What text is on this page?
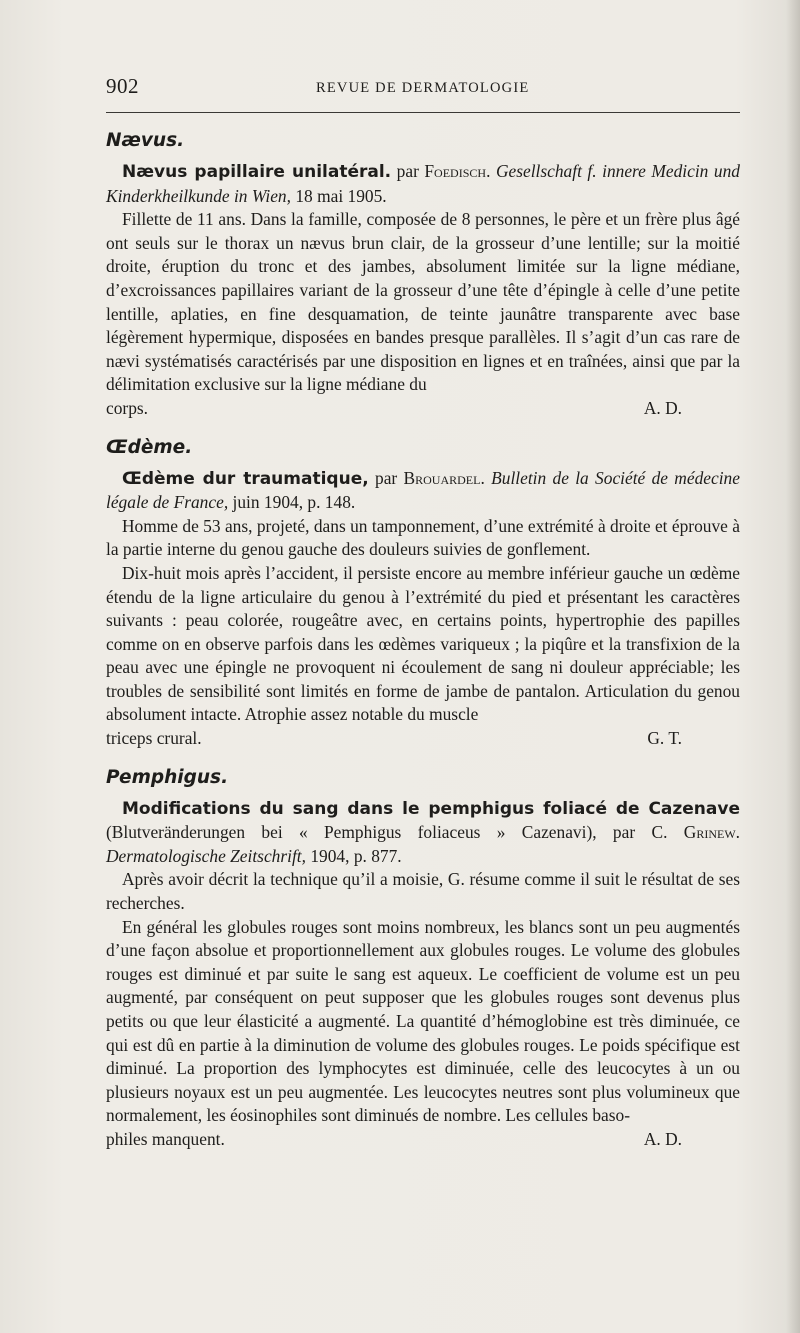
902	REVUE DE DERMATOLOGIE
Nævus.

Nævus papillaire unilatéral. par Foedisch. Gesellschaft f. innere Medicin und Kinderkheilkunde in Wien, 18 mai 1905.

Fillette de 11 ans. Dans la famille, composée de 8 personnes, le père et un frère plus âgé ont seuls sur le thorax un nævus brun clair, de la grosseur d’une lentille; sur la moitié droite, éruption du tronc et des jambes, absolument limitée sur la ligne médiane, d’excroissances papillaires variant de la grosseur d’une tête d’épingle à celle d’une petite lentille, aplaties, en fine desquamation, de teinte jaunâtre transparente avec base légèrement hypermique, disposées en bandes presque parallèles. Il s’agit d’un cas rare de nævi systématisés caractérisés par une disposition en lignes et en traînées, ainsi que par la délimitation exclusive sur la ligne médiane du

corps.	A. D.
Œdème.

Œdème dur traumatique, par Brouardel. Bulletin de la Société de médecine légale de France, juin 1904, p. 148.

Homme de 53 ans, projeté, dans un tamponnement, d’une extrémité à droite et éprouve à la partie interne du genou gauche des douleurs suivies de gonflement.

Dix-huit mois après l’accident, il persiste encore au membre inférieur gauche un œdème étendu de la ligne articulaire du genou à l’extrémité du pied et présentant les caractères suivants : peau colorée, rougeâtre avec, en certains points, hypertrophie des papilles comme on en observe parfois dans les œdèmes variqueux ; la piqûre et la transfixion de la peau avec une épingle ne provoquent ni écoulement de sang ni douleur appréciable; les troubles de sensibilité sont limités en forme de jambe de pantalon. Articulation du genou absolument intacte. Atrophie assez notable du muscle

triceps crural.	G. T.
Pemphigus.

Modifications du sang dans le pemphigus foliacé de Cazenave (Blutveränderungen bei « Pemphigus foliaceus » Cazenavi), par C. Grinew. Dermatologische Zeitschrift, 1904, p. 877.

Après avoir décrit la technique qu’il a moisie, G. résume comme il suit le résultat de ses recherches.

En général les globules rouges sont moins nombreux, les blancs sont un peu augmentés d’une façon absolue et proportionnellement aux globules rouges. Le volume des globules rouges est diminué et par suite le sang est aqueux. Le coefficient de volume est un peu augmenté, par conséquent on peut supposer que les globules rouges sont devenus plus petits ou que leur élasticité a augmenté. La quantité d’hémoglobine est très diminuée, ce qui est dû en partie à la diminution de volume des globules rouges. Le poids spécifique est diminué. La proportion des lymphocytes est diminuée, celle des leucocytes à un ou plusieurs noyaux est un peu augmentée. Les leucocytes neutres sont plus volumineux que normalement, les éosinophiles sont diminués de nombre. Les cellules baso-

philes manquent.	A. D.
